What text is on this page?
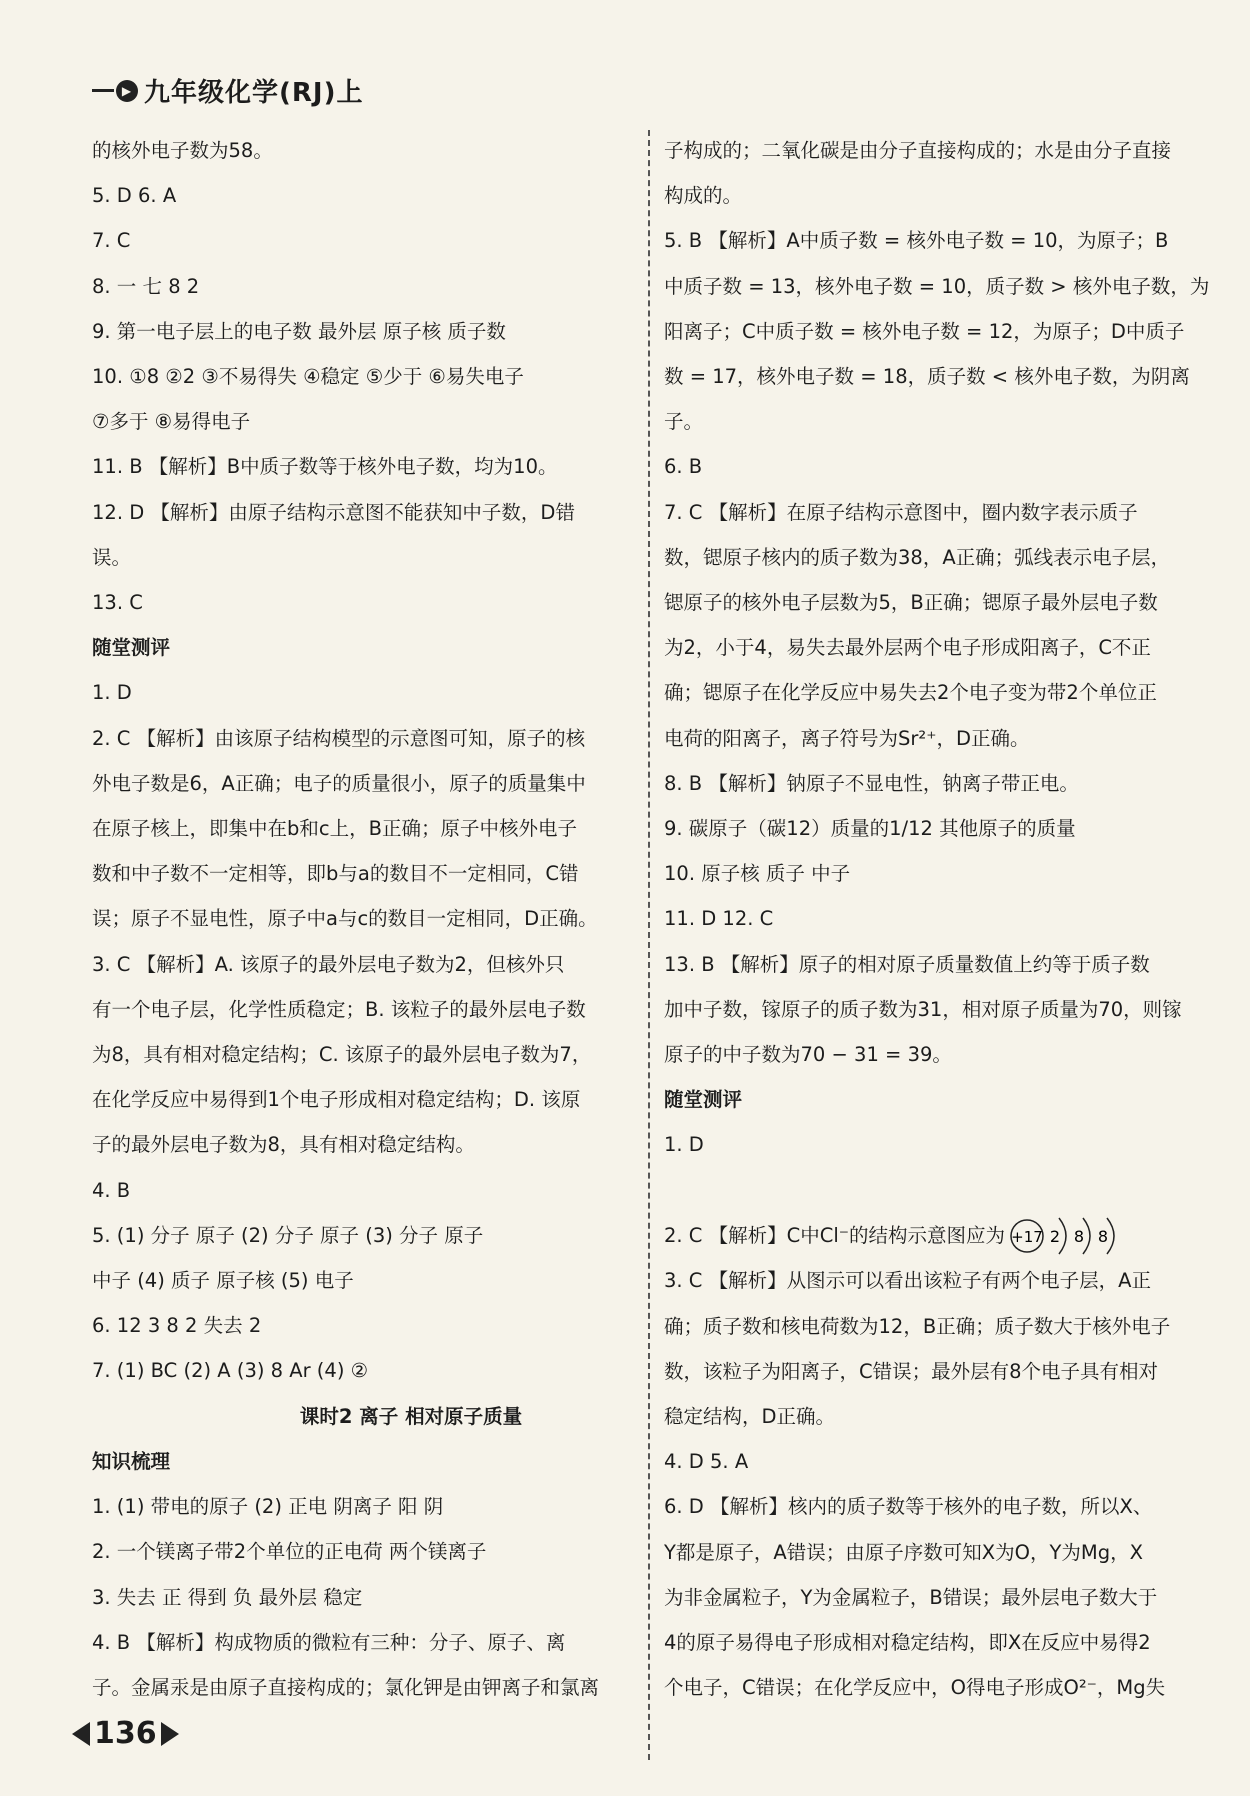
▶ 九年级化学(RJ)上
的核外电子数为58。
5. D 6. A
7. C
8. 一 七 8 2
9. 第一电子层上的电子数 最外层 原子核 质子数
10. ①8 ②2 ③不易得失 ④稳定 ⑤少于 ⑥易失电子
⑦多于 ⑧易得电子
11. B 【解析】B中质子数等于核外电子数，均为10。
12. D 【解析】由原子结构示意图不能获知中子数，D错
误。
13. C
随堂测评
1. D
2. C 【解析】由该原子结构模型的示意图可知，原子的核
外电子数是6，A正确；电子的质量很小，原子的质量集中
在原子核上，即集中在b和c上，B正确；原子中核外电子
数和中子数不一定相等，即b与a的数目不一定相同，C错
误；原子不显电性，原子中a与c的数目一定相同，D正确。
3. C 【解析】A. 该原子的最外层电子数为2，但核外只
有一个电子层，化学性质稳定；B. 该粒子的最外层电子数
为8，具有相对稳定结构；C. 该原子的最外层电子数为7，
在化学反应中易得到1个电子形成相对稳定结构；D. 该原
子的最外层电子数为8，具有相对稳定结构。
4. B
5. (1) 分子 原子 (2) 分子 原子 (3) 分子 原子
中子 (4) 质子 原子核 (5) 电子
6. 12 3 8 2 失去 2
7. (1) BC (2) A (3) 8 Ar (4) ②
课时2 离子 相对原子质量
知识梳理
1. (1) 带电的原子 (2) 正电 阴离子 阳 阴
2. 一个镁离子带2个单位的正电荷 两个镁离子
3. 失去 正 得到 负 最外层 稳定
4. B 【解析】构成物质的微粒有三种：分子、原子、离
子。金属汞是由原子直接构成的；氯化钾是由钾离子和氯离
子构成的；二氧化碳是由分子直接构成的；水是由分子直接
构成的。
5. B 【解析】A中质子数 = 核外电子数 = 10，为原子；B
中质子数 = 13，核外电子数 = 10，质子数 > 核外电子数，为
阳离子；C中质子数 = 核外电子数 = 12，为原子；D中质子
数 = 17，核外电子数 = 18，质子数 < 核外电子数，为阴离
子。
6. B
7. C 【解析】在原子结构示意图中，圈内数字表示质子
数，锶原子核内的质子数为38，A正确；弧线表示电子层，
锶原子的核外电子层数为5，B正确；锶原子最外层电子数
为2，小于4，易失去最外层两个电子形成阳离子，C不正
确；锶原子在化学反应中易失去2个电子变为带2个单位正
电荷的阳离子，离子符号为Sr²⁺，D正确。
8. B 【解析】钠原子不显电性，钠离子带正电。
9. 碳原子（碳12）质量的1/12 其他原子的质量
10. 原子核 质子 中子
11. D 12. C
13. B 【解析】原子的相对原子质量数值上约等于质子数
加中子数，镓原子的质子数为31，相对原子质量为70，则镓
原子的中子数为70 − 31 = 39。
随堂测评
1. D

2. C 【解析】C中Cl⁻的结构示意图应为 +17 2 8 8
3. C 【解析】从图示可以看出该粒子有两个电子层，A正
确；质子数和核电荷数为12，B正确；质子数大于核外电子
数，该粒子为阳离子，C错误；最外层有8个电子具有相对
稳定结构，D正确。
4. D 5. A
6. D 【解析】核内的质子数等于核外的电子数，所以X、
Y都是原子，A错误；由原子序数可知X为O，Y为Mg，X
为非金属粒子，Y为金属粒子，B错误；最外层电子数大于
4的原子易得电子形成相对稳定结构，即X在反应中易得2
个电子，C错误；在化学反应中，O得电子形成O²⁻，Mg失
136
